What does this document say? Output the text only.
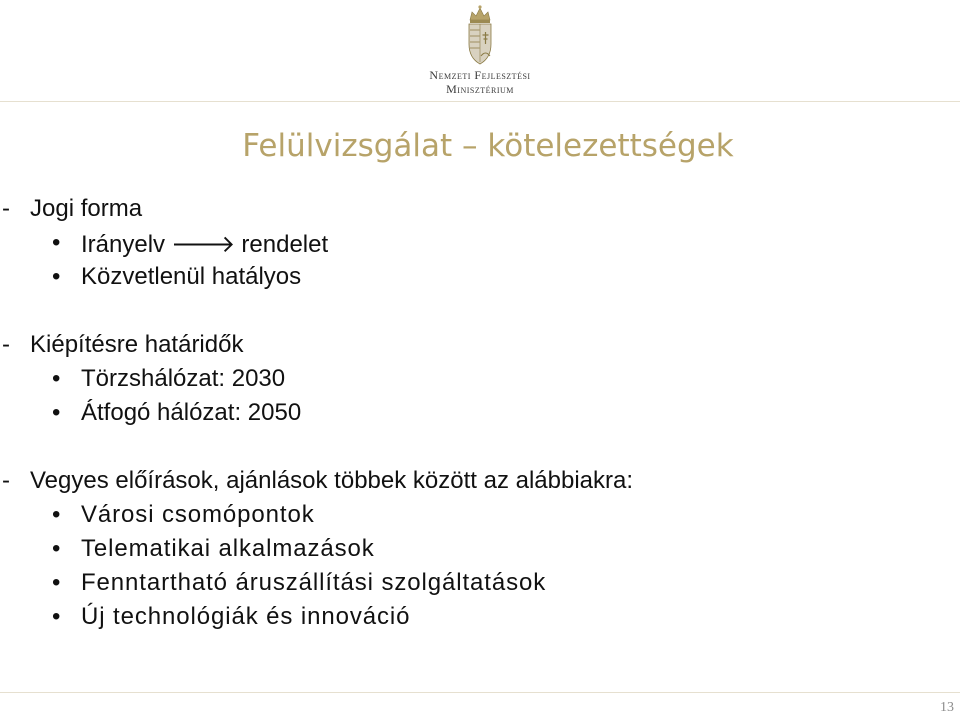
Nemzeti Fejlesztési
Minisztérium
Felülvizsgálat – kötelezettségek
- Jogi forma
• Irányelv 🡒 rendelet
• Közvetlenül hatályos
- Kiépítésre határidők
• Törzshálózat: 2030
• Átfogó hálózat: 2050
- Vegyes előírások, ajánlások többek között az alábbiakra:
• Városi csomópontok
• Telematikai alkalmazások
• Fenntartható áruszállítási szolgáltatások
• Új technológiák és innováció
13
